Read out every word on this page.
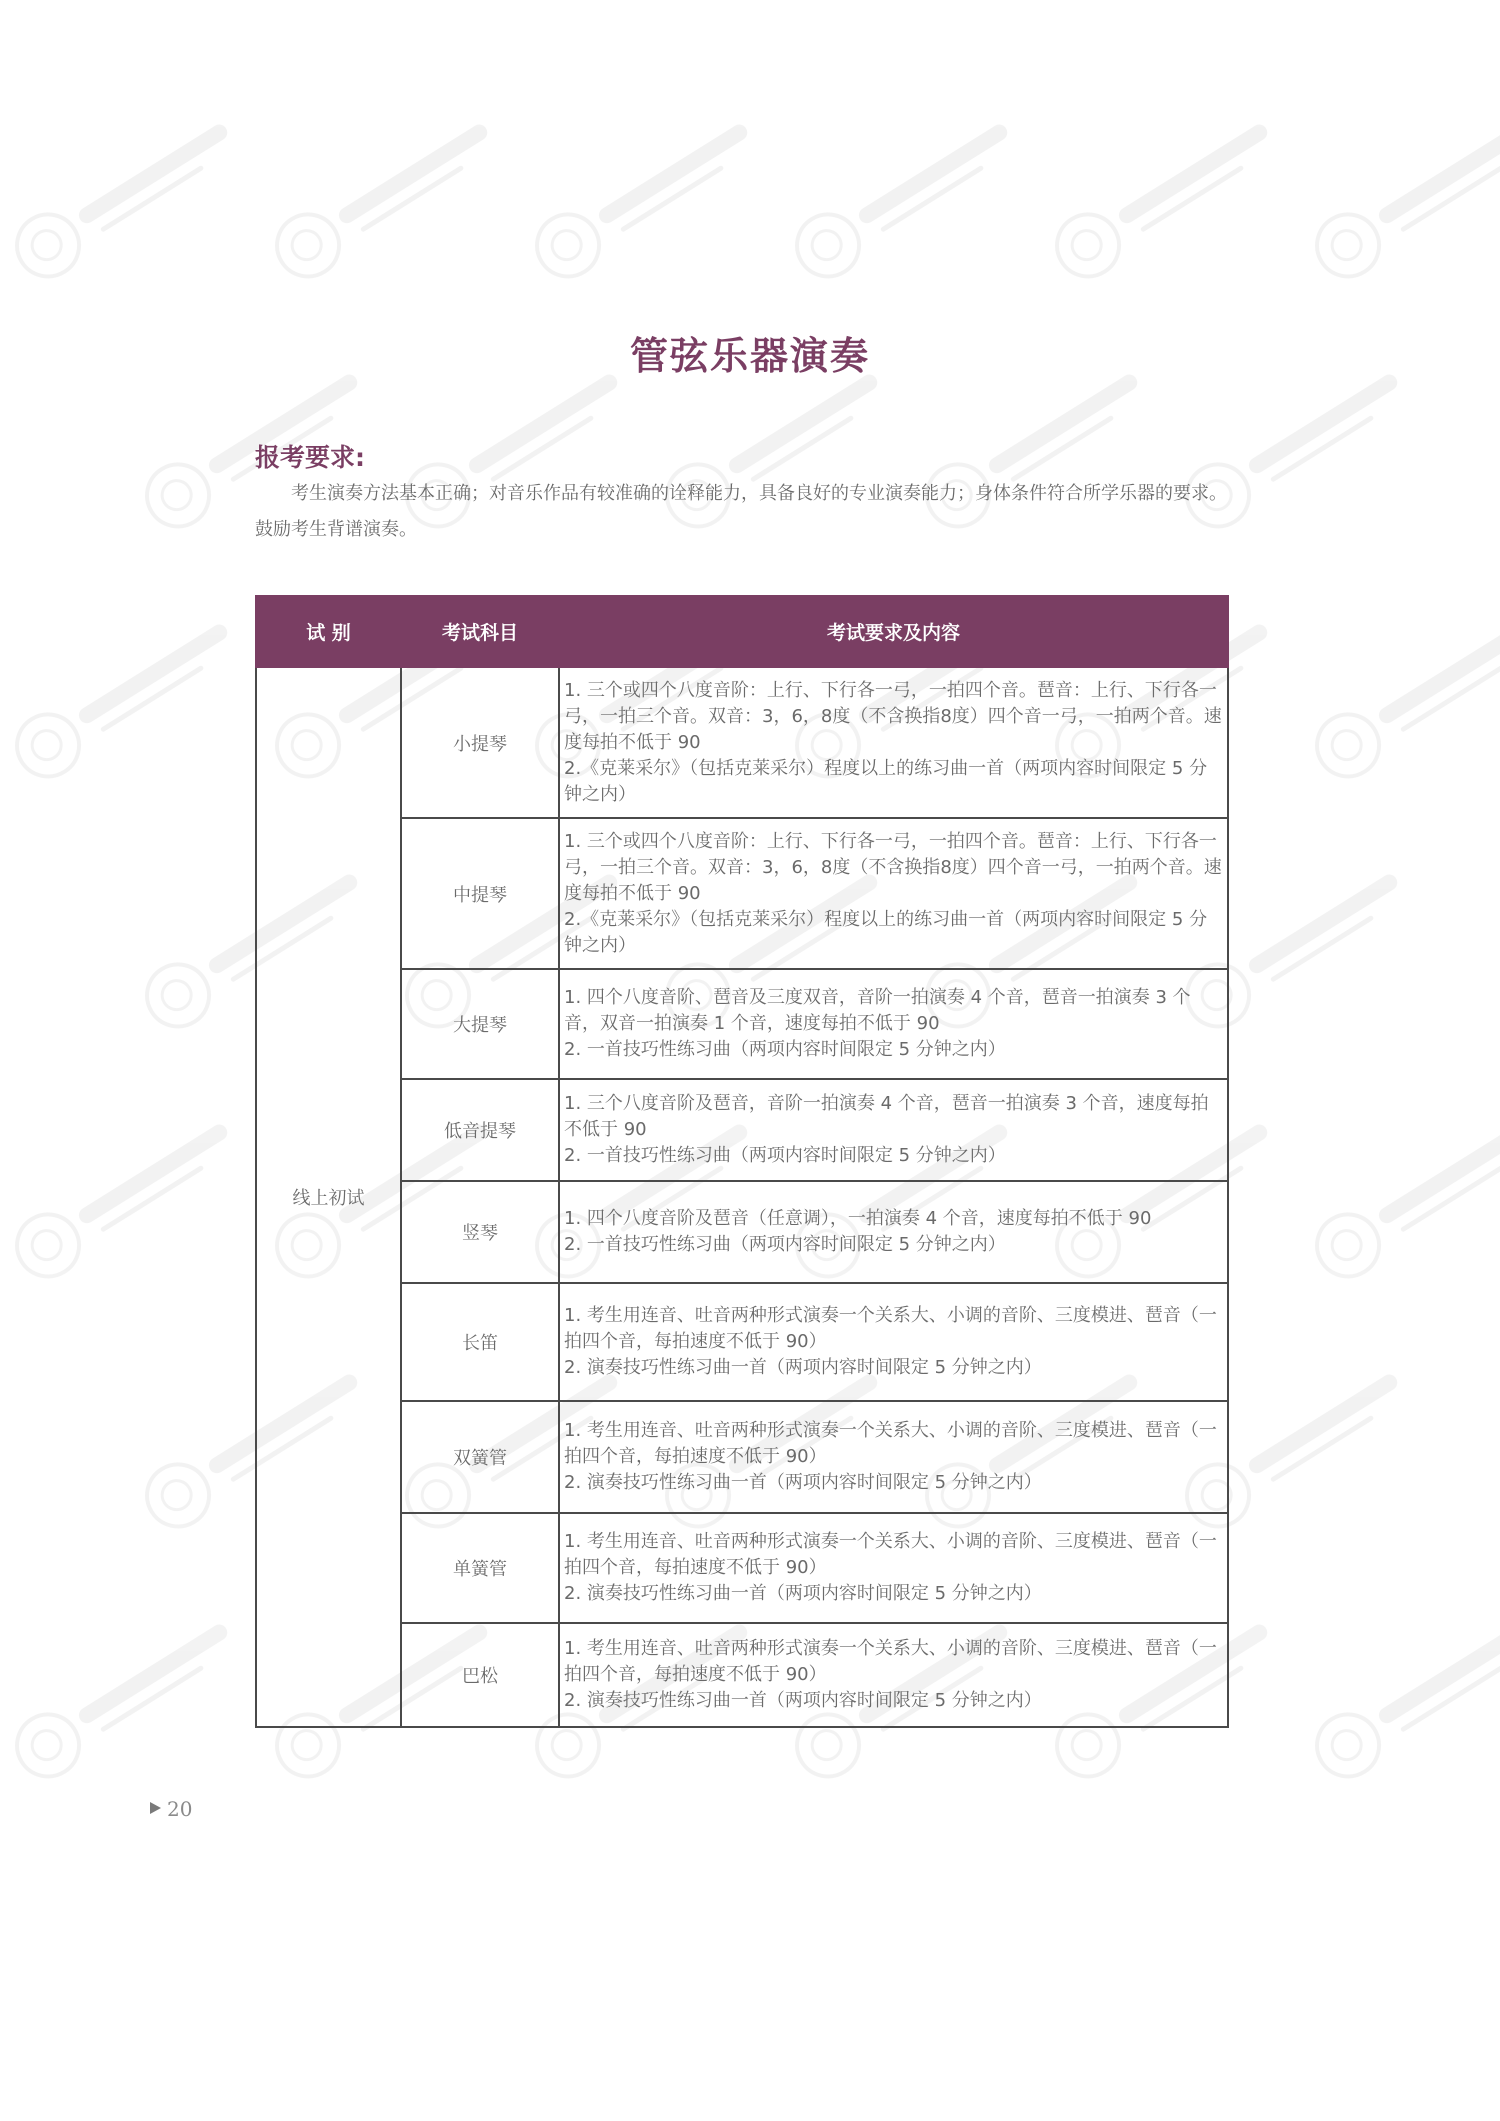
管弦乐器演奏
报考要求:
考生演奏方法基本正确；对音乐作品有较准确的诠释能力，具备良好的专业演奏能力；身体条件符合所学乐器的要求。鼓励考生背谱演奏。
试 别	考试科目	考试要求及内容
线上初试	小提琴	1. 三个或四个八度音阶：上行、下行各一弓，一拍四个音。琶音：上行、下行各一弓，一拍三个音。双音：3，6，8度（不含换指8度）四个音一弓，一拍两个音。速度每拍不低于 90
2.《克莱采尔》（包括克莱采尔）程度以上的练习曲一首（两项内容时间限定 5 分钟之内）

	中提琴	1. 三个或四个八度音阶：上行、下行各一弓，一拍四个音。琶音：上行、下行各一弓，一拍三个音。双音：3，6，8度（不含换指8度）四个音一弓，一拍两个音。速度每拍不低于 90
2.《克莱采尔》（包括克莱采尔）程度以上的练习曲一首（两项内容时间限定 5 分钟之内）

	大提琴	1. 四个八度音阶、琶音及三度双音，音阶一拍演奏 4 个音，琶音一拍演奏 3 个音，双音一拍演奏 1 个音，速度每拍不低于 90
2. 一首技巧性练习曲（两项内容时间限定 5 分钟之内）

	低音提琴	1. 三个八度音阶及琶音，音阶一拍演奏 4 个音，琶音一拍演奏 3 个音，速度每拍不低于 90
2. 一首技巧性练习曲（两项内容时间限定 5 分钟之内）

	竖琴	1. 四个八度音阶及琶音（任意调），一拍演奏 4 个音，速度每拍不低于 90
2. 一首技巧性练习曲（两项内容时间限定 5 分钟之内）

	长笛	1. 考生用连音、吐音两种形式演奏一个关系大、小调的音阶、三度模进、琶音（一拍四个音，每拍速度不低于 90）
2. 演奏技巧性练习曲一首（两项内容时间限定 5 分钟之内）

	双簧管	1. 考生用连音、吐音两种形式演奏一个关系大、小调的音阶、三度模进、琶音（一拍四个音，每拍速度不低于 90）
2. 演奏技巧性练习曲一首（两项内容时间限定 5 分钟之内）

	单簧管	1. 考生用连音、吐音两种形式演奏一个关系大、小调的音阶、三度模进、琶音（一拍四个音，每拍速度不低于 90）
2. 演奏技巧性练习曲一首（两项内容时间限定 5 分钟之内）

	巴松	1. 考生用连音、吐音两种形式演奏一个关系大、小调的音阶、三度模进、琶音（一拍四个音，每拍速度不低于 90）
2. 演奏技巧性练习曲一首（两项内容时间限定 5 分钟之内）
20
